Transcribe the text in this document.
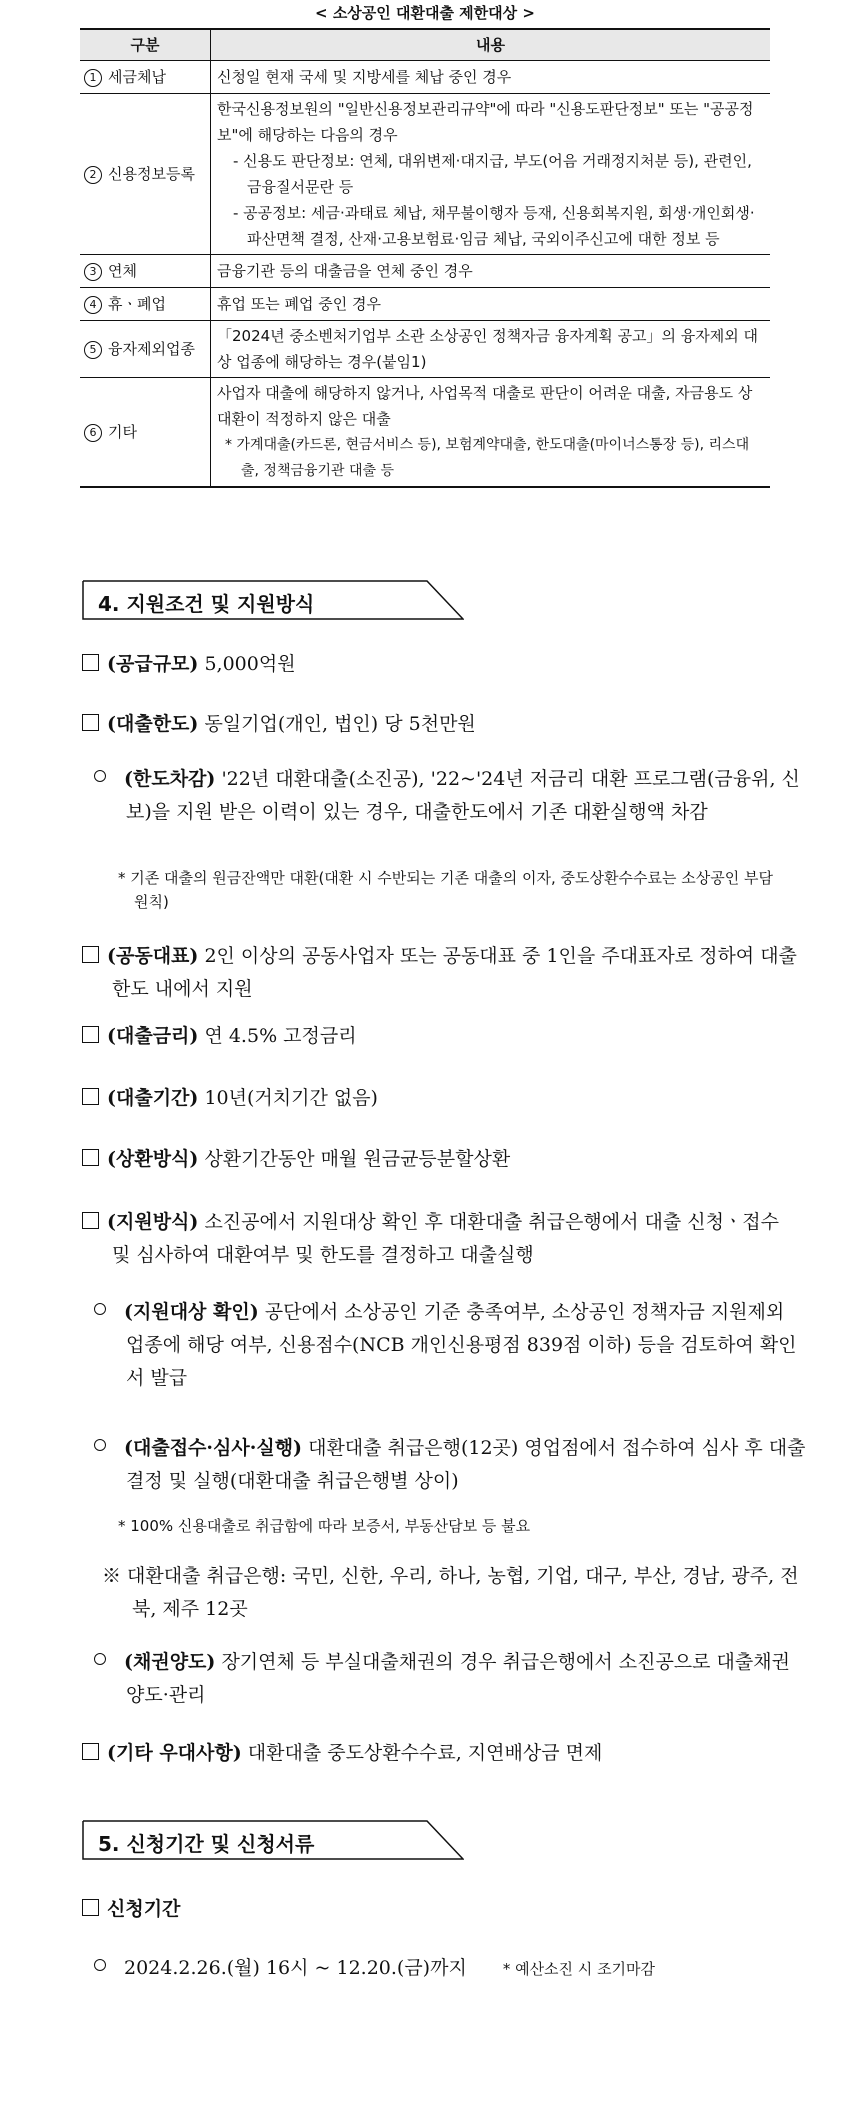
< 소상공인 대환대출 제한대상 >
구분	내용
1 세금체납	신청일 현재 국세 및 지방세를 체납 중인 경우
2 신용정보등록	한국신용정보원의 "일반신용정보관리규약"에 따라 "신용도판단정보" 또는 "공공정보"에 해당하는 다음의 경우
- 신용도 판단정보: 연체, 대위변제·대지급, 부도(어음 거래정지처분 등), 관련인, 금융질서문란 등
- 공공정보: 세금·과태료 체납, 채무불이행자 등재, 신용회복지원, 회생·개인회생·파산면책 결정, 산재·고용보험료·임금 체납, 국외이주신고에 대한 정보 등

3 연체	금융기관 등의 대출금을 연체 중인 경우
4 휴ㆍ폐업	휴업 또는 폐업 중인 경우
5 융자제외업종	「2024년 중소벤처기업부 소관 소상공인 정책자금 융자계획 공고」의 융자제외 대상 업종에 해당하는 경우(붙임1)
6 기타	사업자 대출에 해당하지 않거나, 사업목적 대출로 판단이 어려운 대출, 자금용도 상 대환이 적정하지 않은 대출
* 가계대출(카드론, 현금서비스 등), 보험계약대출, 한도대출(마이너스통장 등), 리스대출, 정책금융기관 대출 등
4. 지원조건 및 지원방식
(공급규모) 5,000억원
(대출한도) 동일기업(개인, 법인) 당 5천만원
(한도차감) '22년 대환대출(소진공), '22~'24년 저금리 대환 프로그램(금융위, 신보)을 지원 받은 이력이 있는 경우, 대출한도에서 기존 대환실행액 차감
* 기존 대출의 원금잔액만 대환(대환 시 수반되는 기존 대출의 이자, 중도상환수수료는 소상공인 부담 원칙)
(공동대표) 2인 이상의 공동사업자 또는 공동대표 중 1인을 주대표자로 정하여 대출한도 내에서 지원
(대출금리) 연 4.5% 고정금리
(대출기간) 10년(거치기간 없음)
(상환방식) 상환기간동안 매월 원금균등분할상환
(지원방식) 소진공에서 지원대상 확인 후 대환대출 취급은행에서 대출 신청ㆍ접수 및 심사하여 대환여부 및 한도를 결정하고 대출실행
(지원대상 확인) 공단에서 소상공인 기준 충족여부, 소상공인 정책자금 지원제외 업종에 해당 여부, 신용점수(NCB 개인신용평점 839점 이하) 등을 검토하여 확인서 발급
(대출접수·심사·실행) 대환대출 취급은행(12곳) 영업점에서 접수하여 심사 후 대출결정 및 실행(대환대출 취급은행별 상이)
* 100% 신용대출로 취급함에 따라 보증서, 부동산담보 등 불요
※ 대환대출 취급은행: 국민, 신한, 우리, 하나, 농협, 기업, 대구, 부산, 경남, 광주, 전북, 제주 12곳
(채권양도) 장기연체 등 부실대출채권의 경우 취급은행에서 소진공으로 대출채권 양도·관리
(기타 우대사항) 대환대출 중도상환수수료, 지연배상금 면제
5. 신청기간 및 신청서류
신청기간
2024.2.26.(월) 16시 ~ 12.20.(금)까지 * 예산소진 시 조기마감
